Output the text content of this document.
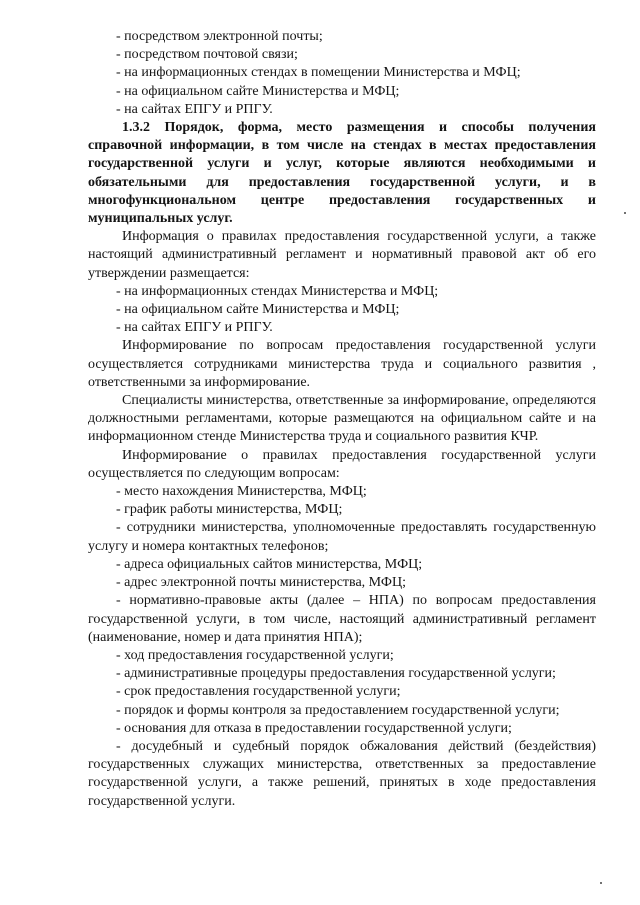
- посредством электронной почты;

- посредством почтовой связи;

- на информационных стендах в помещении Министерства и МФЦ;

- на официальном сайте Министерства и МФЦ;

- на сайтах ЕПГУ и РПГУ.

1.3.2 Порядок, форма, место размещения и способы получения справочной информации, в том числе на стендах в местах предоставления государственной услуги и услуг, которые являются необходимыми и обязательными для предоставления государственной услуги, и в многофункциональном центре предоставления государственных и муниципальных услуг.

Информация о правилах предоставления государственной услуги, а также настоящий административный регламент и нормативный правовой акт об его утверждении размещается:

- на информационных стендах Министерства и МФЦ;

- на официальном сайте Министерства и МФЦ;

- на сайтах ЕПГУ и РПГУ.

Информирование по вопросам предоставления государственной услуги осуществляется сотрудниками министерства труда и социального развития , ответственными за информирование.

Специалисты министерства, ответственные за информирование, определяются должностными регламентами, которые размещаются на официальном сайте и на информационном стенде Министерства труда и социального развития КЧР.

Информирование о правилах предоставления государственной услуги осуществляется по следующим вопросам:

- место нахождения Министерства, МФЦ;

- график работы министерства, МФЦ;

- сотрудники министерства, уполномоченные предоставлять государственную услугу и номера контактных телефонов;

- адреса официальных сайтов министерства, МФЦ;

- адрес электронной почты министерства, МФЦ;

- нормативно-правовые акты (далее – НПА) по вопросам предоставления государственной услуги, в том числе, настоящий административный регламент (наименование, номер и дата принятия НПА);

- ход предоставления государственной услуги;

- административные процедуры предоставления государственной услуги;

- срок предоставления государственной услуги;

- порядок и формы контроля за предоставлением государственной услуги;

- основания для отказа в предоставлении государственной услуги;

- досудебный и судебный порядок обжалования действий (бездействия) государственных служащих министерства, ответственных за предоставление государственной услуги, а также решений, принятых в ходе предоставления государственной услуги.
